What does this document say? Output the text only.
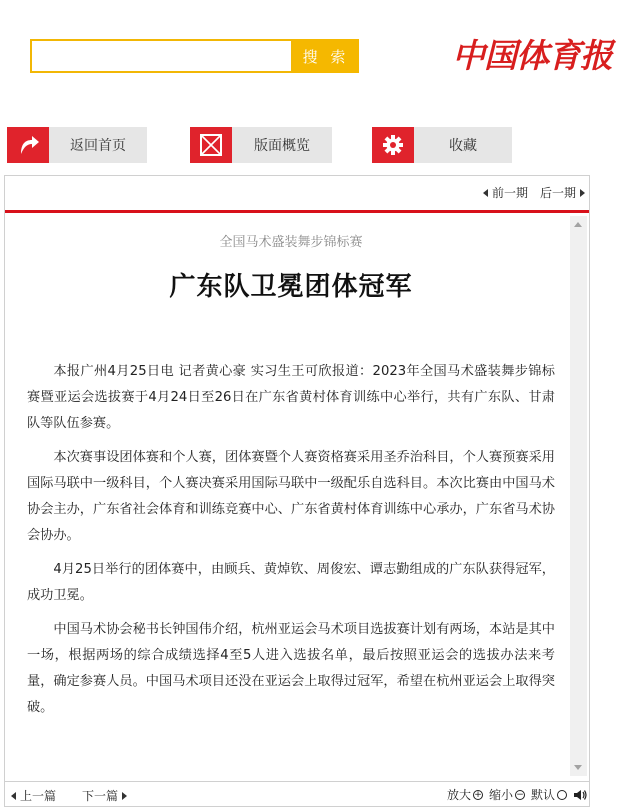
搜 索	中国体育报
返回首页	版面概览	收藏
前一期 后一期
全国马术盛装舞步锦标赛
广东队卫冕团体冠军

本报广州4月25日电 记者黄心豪 实习生王可欣报道：2023年全国马术盛装舞步锦标赛暨亚运会选拔赛于4月24日至26日在广东省黄村体育训练中心举行，共有广东队、甘肃队等队伍参赛。

本次赛事设团体赛和个人赛，团体赛暨个人赛资格赛采用圣乔治科目，个人赛预赛采用国际马联中一级科目，个人赛决赛采用国际马联中一级配乐自选科目。本次比赛由中国马术协会主办，广东省社会体育和训练竞赛中心、广东省黄村体育训练中心承办，广东省马术协会协办。

4月25日举行的团体赛中，由顾兵、黄焯钦、周俊宏、谭志勤组成的广东队获得冠军，成功卫冕。

中国马术协会秘书长钟国伟介绍，杭州亚运会马术项目选拔赛计划有两场，本站是其中一场，根据两场的综合成绩选择4至5人进入选拔名单，最后按照亚运会的选拔办法来考量，确定参赛人员。中国马术项目还没在亚运会上取得过冠军，希望在杭州亚运会上取得突破。

上一篇 下一篇	放大 + 缩小 − 默认
